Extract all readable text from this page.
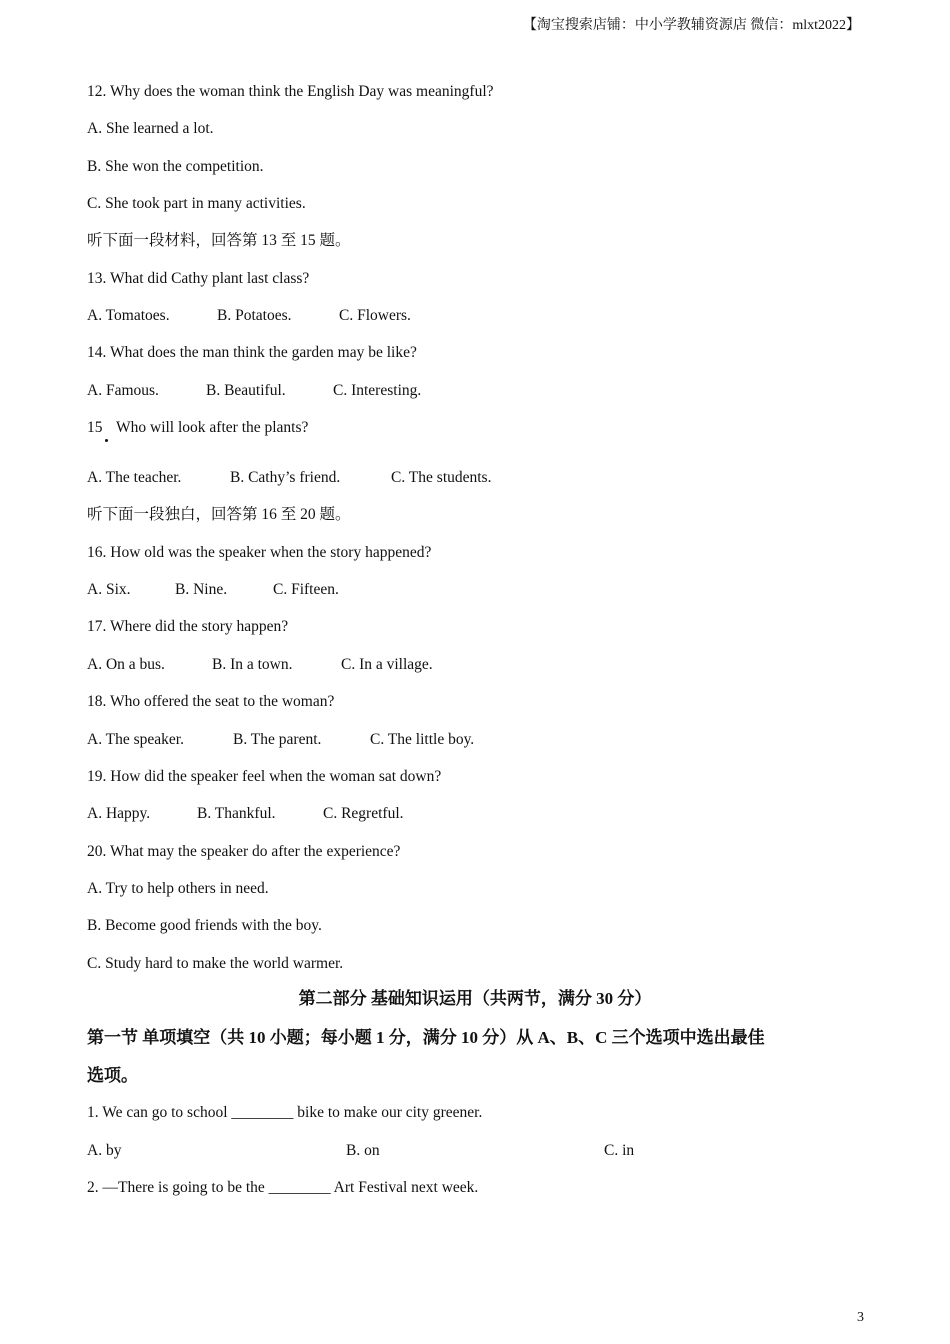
【淘宝搜索店铺：中小学教辅资源店 微信：mlxt2022】
12. Why does the woman think the English Day was meaningful?
A. She learned a lot.
B. She won the competition.
C. She took part in many activities.
听下面一段材料，回答第 13 至 15 题。
13. What did Cathy plant last class?
A. Tomatoes.	B. Potatoes.	C. Flowers.
14. What does the man think the garden may be like?
A. Famous.	B. Beautiful.	C. Interesting.
15 Who will look after the plants?
A. The teacher.	B. Cathy’s friend.	C. The students.
听下面一段独白，回答第 16 至 20 题。
16. How old was the speaker when the story happened?
A. Six.	B. Nine.	C. Fifteen.
17. Where did the story happen?
A. On a bus.	B. In a town.	C. In a village.
18. Who offered the seat to the woman?
A. The speaker.	B. The parent.	C. The little boy.
19. How did the speaker feel when the woman sat down?
A. Happy.	B. Thankful.	C. Regretful.
20. What may the speaker do after the experience?
A. Try to help others in need.
B. Become good friends with the boy.
C. Study hard to make the world warmer.
第二部分 基础知识运用（共两节，满分 30 分）
第一节 单项填空（共 10 小题；每小题 1 分，满分 10 分）从 A、B、C 三个选项中选出最佳
选项。
1. We can go to school ________ bike to make our city greener.
A. by	B. on	C. in
2. —There is going to be the ________ Art Festival next week.
3
